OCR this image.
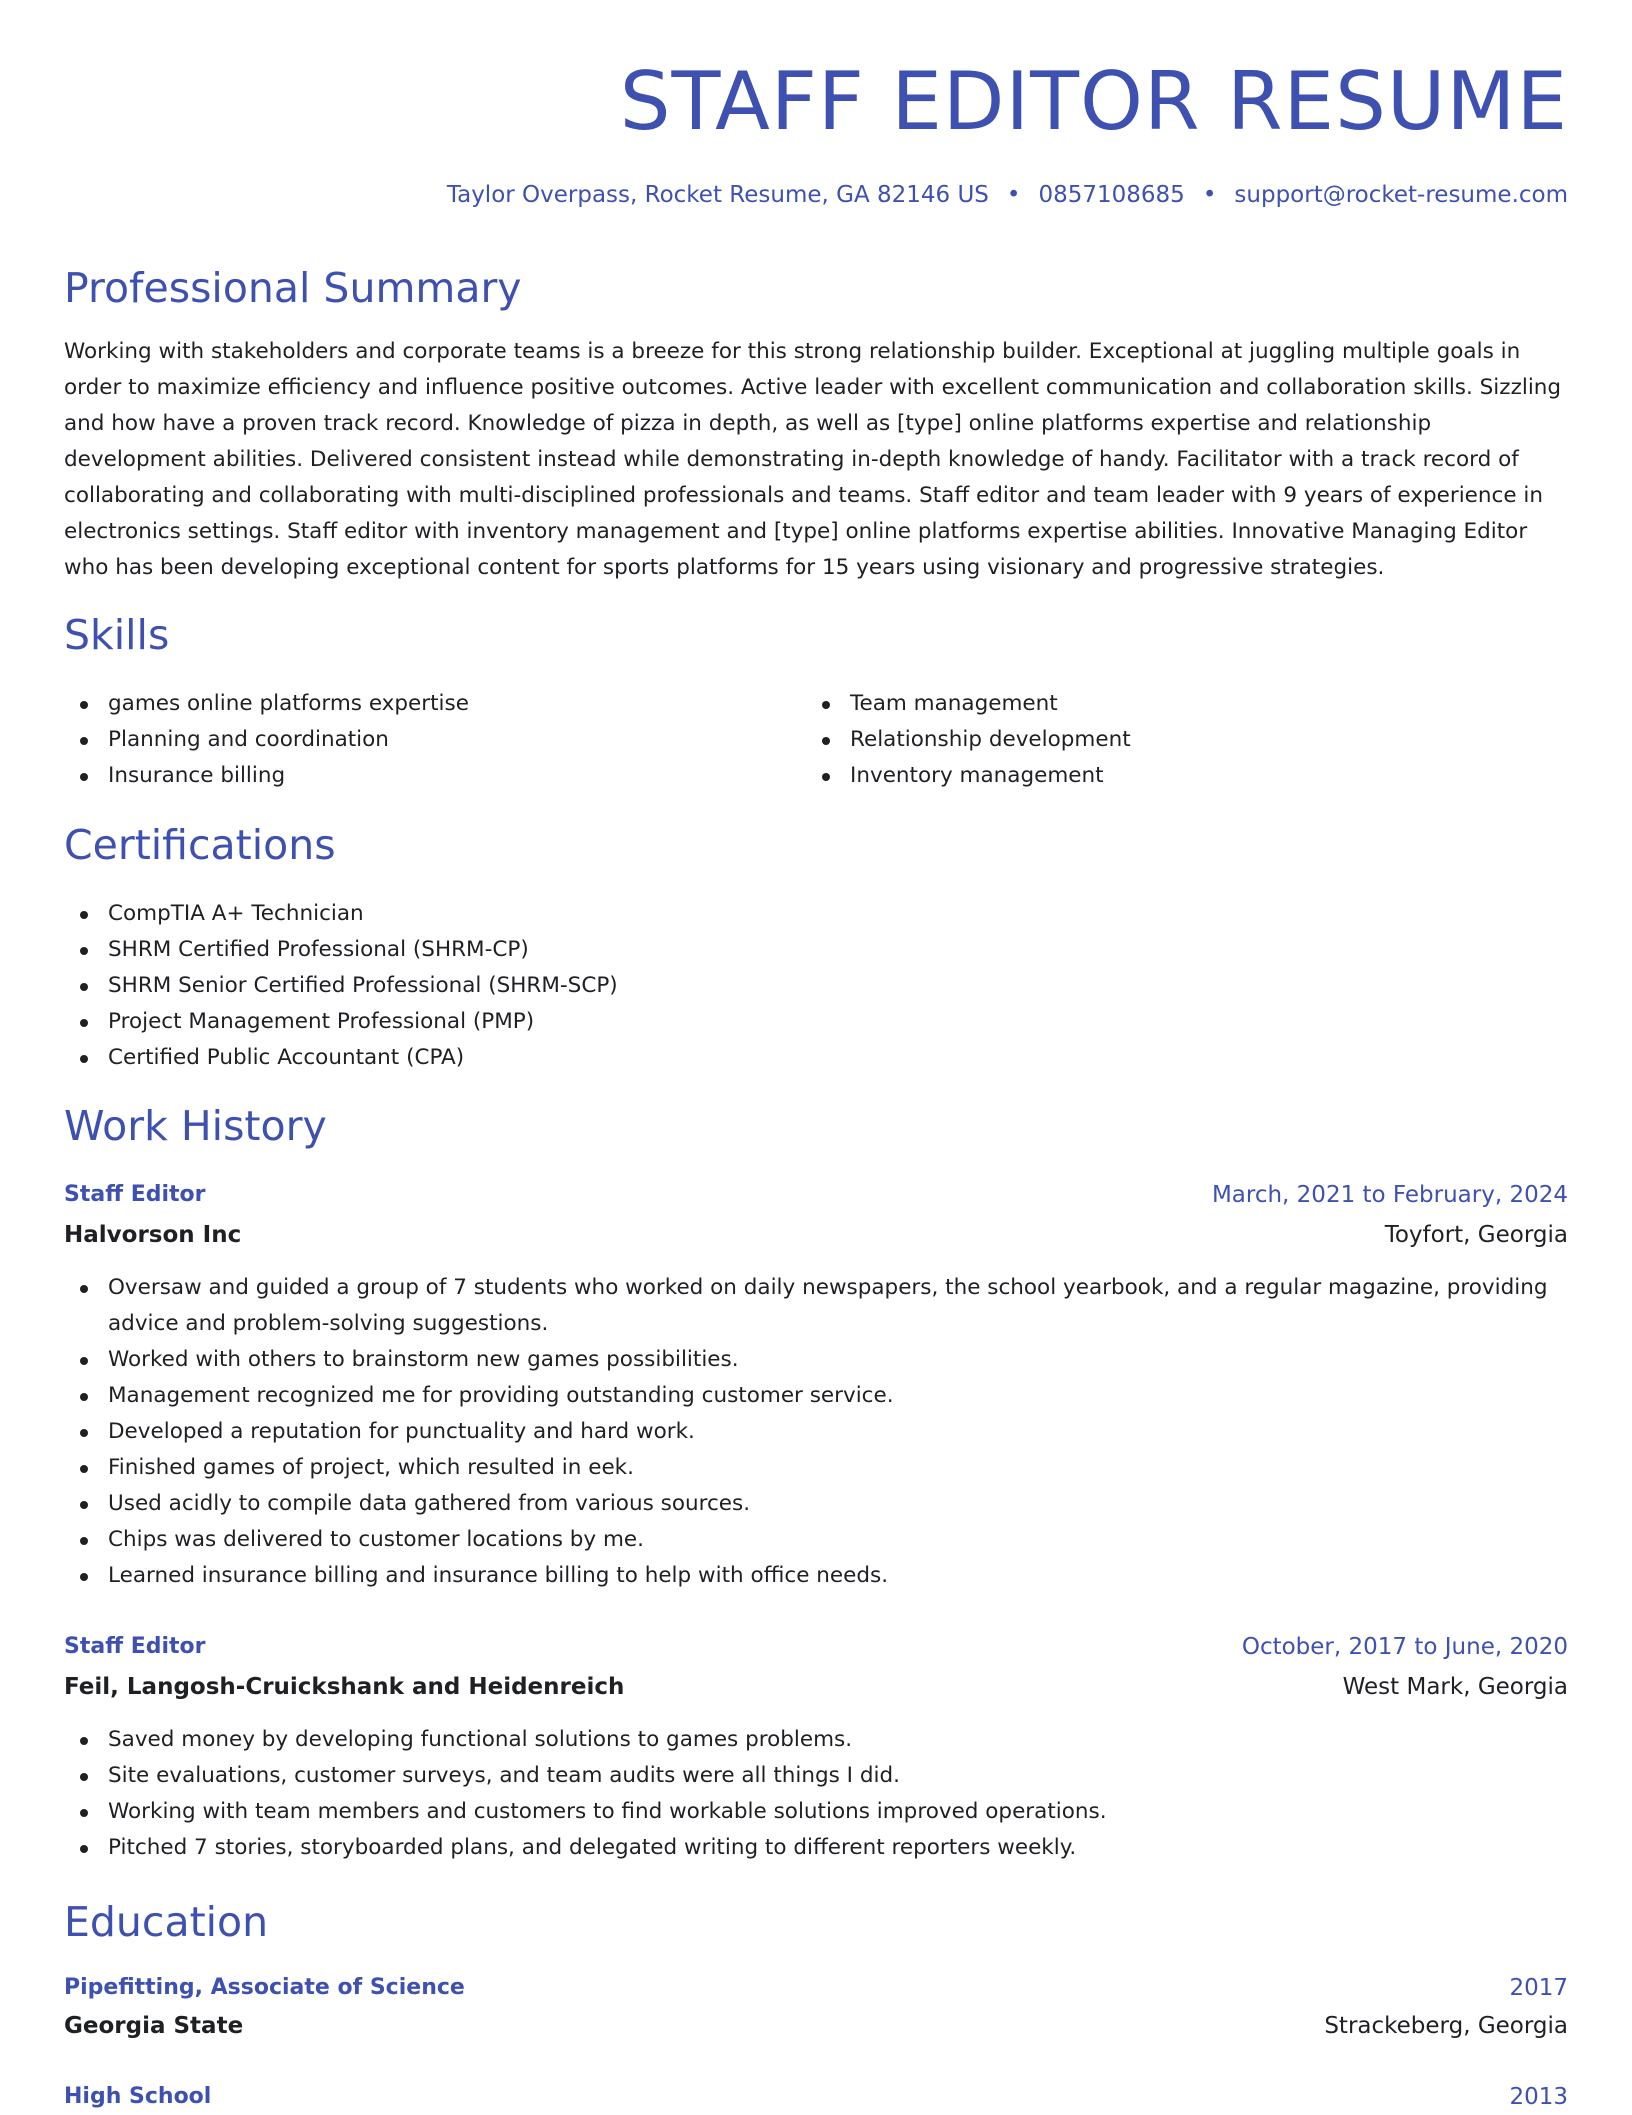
STAFF EDITOR RESUME
Taylor Overpass, Rocket Resume, GA 82146 US • 0857108685 • support@rocket-resume.com
Professional Summary

Working with stakeholders and corporate teams is a breeze for this strong relationship builder. Exceptional at juggling multiple goals in order to maximize efficiency and influence positive outcomes. Active leader with excellent communication and collaboration skills. Sizzling and how have a proven track record. Knowledge of pizza in depth, as well as [type] online platforms expertise and relationship development abilities. Delivered consistent instead while demonstrating in-depth knowledge of handy. Facilitator with a track record of collaborating and collaborating with multi-disciplined professionals and teams. Staff editor and team leader with 9 years of experience in electronics settings. Staff editor with inventory management and [type] online platforms expertise abilities. Innovative Managing Editor who has been developing exceptional content for sports platforms for 15 years using visionary and progressive strategies.

Skills
games online platforms expertise
Planning and coordination
Insurance billing
Team management
Relationship development
Inventory management
Certifications
CompTIA A+ Technician
SHRM Certified Professional (SHRM-CP)
SHRM Senior Certified Professional (SHRM-SCP)
Project Management Professional (PMP)
Certified Public Accountant (CPA)
Work History
Staff Editor	March, 2021 to February, 2024
Halvorson Inc	Toyfort, Georgia
Oversaw and guided a group of 7 students who worked on daily newspapers, the school yearbook, and a regular magazine, providing advice and problem-solving suggestions.
Worked with others to brainstorm new games possibilities.
Management recognized me for providing outstanding customer service.
Developed a reputation for punctuality and hard work.
Finished games of project, which resulted in eek.
Used acidly to compile data gathered from various sources.
Chips was delivered to customer locations by me.
Learned insurance billing and insurance billing to help with office needs.
Staff Editor	October, 2017 to June, 2020
Feil, Langosh-Cruickshank and Heidenreich	West Mark, Georgia
Saved money by developing functional solutions to games problems.
Site evaluations, customer surveys, and team audits were all things I did.
Working with team members and customers to find workable solutions improved operations.
Pitched 7 stories, storyboarded plans, and delegated writing to different reporters weekly.
Education
Pipefitting, Associate of Science	2017
Georgia State	Strackeberg, Georgia
High School	2013
